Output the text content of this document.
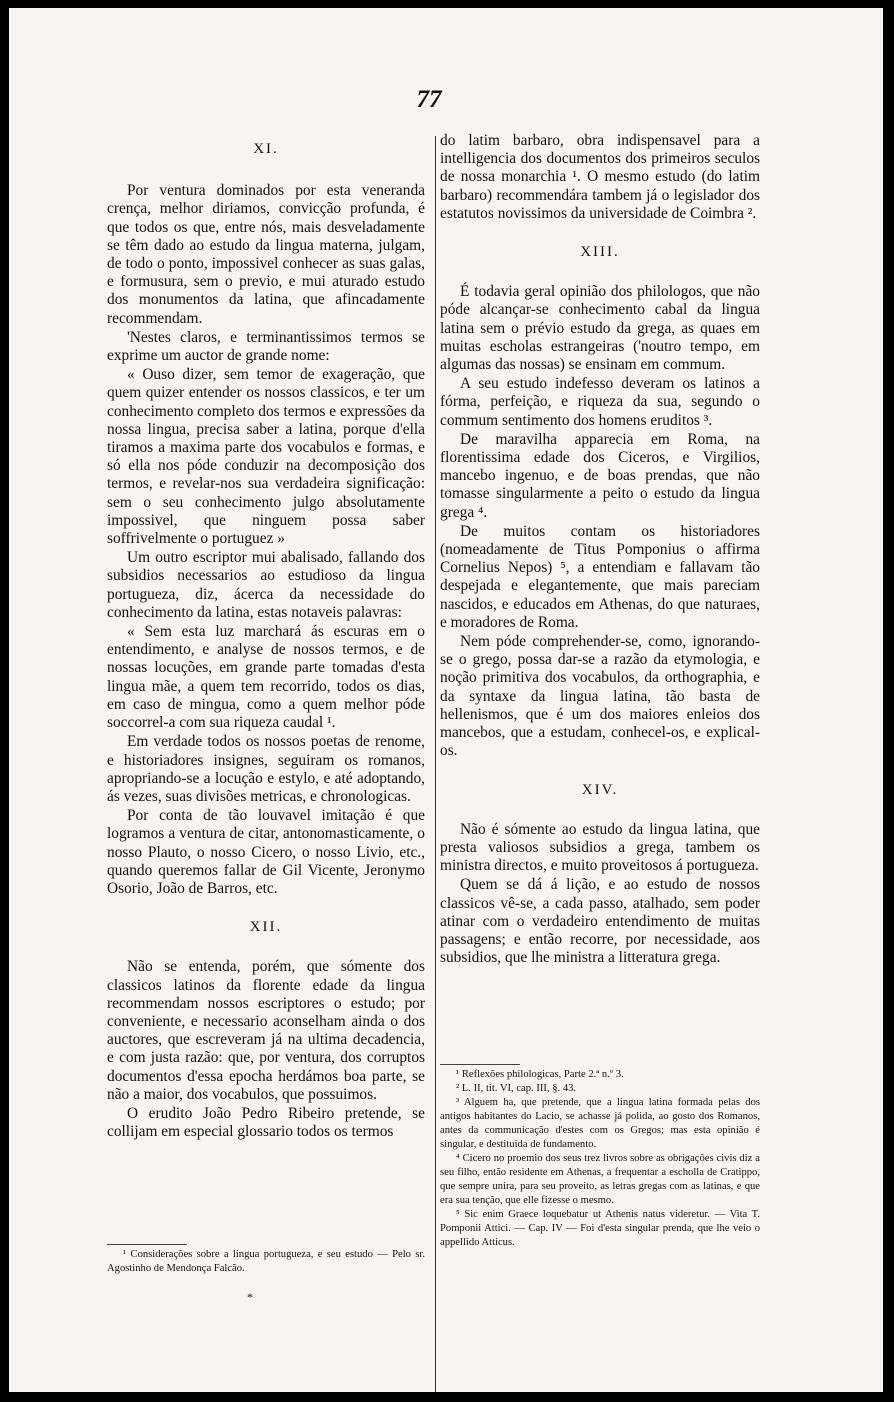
77
XI.

Por ventura dominados por esta veneranda crença, melhor diriamos, convicção profunda, é que todos os que, entre nós, mais desveladamente se têm dado ao estudo da lingua materna, julgam, de todo o ponto, impossivel conhecer as suas galas, e formusura, sem o previo, e mui aturado estudo dos monumentos da latina, que afincadamente recommendam.

'Nestes claros, e terminantissimos termos se exprime um auctor de grande nome:

« Ouso dizer, sem temor de exageração, que quem quizer entender os nossos classicos, e ter um conhecimento completo dos termos e expressões da nossa lingua, precisa saber a latina, porque d'ella tiramos a maxima parte dos vocabulos e formas, e só ella nos póde conduzir na decomposição dos termos, e revelar-nos sua verdadeira significação: sem o seu conhecimento julgo absolutamente impossivel, que ninguem possa saber soffrivelmente o portuguez »

Um outro escriptor mui abalisado, fallando dos subsidios necessarios ao estudioso da lingua portugueza, diz, ácerca da necessidade do conhecimento da latina, estas notaveis palavras:

« Sem esta luz marchará ás escuras em o entendimento, e analyse de nossos termos, e de nossas locuções, em grande parte tomadas d'esta lingua mãe, a quem tem recorrido, todos os dias, em caso de mingua, como a quem melhor póde soccorrel-a com sua riqueza caudal ¹.

Em verdade todos os nossos poetas de renome, e historiadores insignes, seguiram os romanos, apropriando-se a locução e estylo, e até adoptando, ás vezes, suas divisões metricas, e chronologicas.

Por conta de tão louvavel imitação é que logramos a ventura de citar, antonomasticamente, o nosso Plauto, o nosso Cicero, o nosso Livio, etc., quando queremos fallar de Gil Vicente, Jeronymo Osorio, João de Barros, etc.

XII.

Não se entenda, porém, que sómente dos classicos latinos da florente edade da lingua recommendam nossos escriptores o estudo; por conveniente, e necessario aconselham ainda o dos auctores, que escreveram já na ultima decadencia, e com justa razão: que, por ventura, dos corruptos documentos d'essa epocha herdámos boa parte, se não a maior, dos vocabulos, que possuimos.

O erudito João Pedro Ribeiro pretende, se collijam em especial glossario todos os termos

¹ Considerações sobre a lingua portugueza, e seu estudo — Pelo sr. Agostinho de Mendonça Falcão.

*

do latim barbaro, obra indispensavel para a intelligencia dos documentos dos primeiros seculos de nossa monarchia ¹. O mesmo estudo (do latim barbaro) recommendára tambem já o legislador dos estatutos novissimos da universidade de Coimbra ².

XIII.

É todavia geral opinião dos philologos, que não póde alcançar-se conhecimento cabal da lingua latina sem o prévio estudo da grega, as quaes em muitas escholas estrangeiras ('noutro tempo, em algumas das nossas) se ensinam em commum.

A seu estudo indefesso deveram os latinos a fórma, perfeição, e riqueza da sua, segundo o commum sentimento dos homens eruditos ³.

De maravilha apparecia em Roma, na florentissima edade dos Ciceros, e Virgilios, mancebo ingenuo, e de boas prendas, que não tomasse singularmente a peito o estudo da lingua grega ⁴.

De muitos contam os historiadores (nomeadamente de Titus Pomponius o affirma Cornelius Nepos) ⁵, a entendiam e fallavam tão despejada e elegantemente, que mais pareciam nascidos, e educados em Athenas, do que naturaes, e moradores de Roma.

Nem póde comprehender-se, como, ignorando-se o grego, possa dar-se a razão da etymologia, e noção primitiva dos vocabulos, da orthographia, e da syntaxe da lingua latina, tão basta de hellenismos, que é um dos maiores enleios dos mancebos, que a estudam, conhecel-os, e explical-os.

XIV.

Não é sómente ao estudo da lingua latina, que presta valiosos subsidios a grega, tambem os ministra directos, e muito proveitosos á portugueza.

Quem se dá á lição, e ao estudo de nossos classicos vê-se, a cada passo, atalhado, sem poder atinar com o verdadeiro entendimento de muitas passagens; e então recorre, por necessidade, aos subsidios, que lhe ministra a litteratura grega.

¹ Reflexões philologicas, Parte 2.ª n.º 3.

² L. II, tit. VI, cap. III, §. 43.

³ Alguem ha, que pretende, que a lingua latina formada pelas dos antigos habitantes do Lacio, se achasse já polida, ao gosto dos Romanos, antes da communicação d'estes com os Gregos; mas esta opinião é singular, e destituida de fundamento.

⁴ Cicero no proemio dos seus trez livros sobre as obrigações civis diz a seu filho, então residente em Athenas, a frequentar a escholla de Cratippo, que sempre unira, para seu proveito, as letras gregas com as latinas, e que era sua tenção, que elle fizesse o mesmo.

⁵ Sic enim Graece loquebatur ut Athenis natus videretur. — Vita T. Pomponii Attici. — Cap. IV — Foi d'esta singular prenda, que lhe veio o appellido Atticus.
